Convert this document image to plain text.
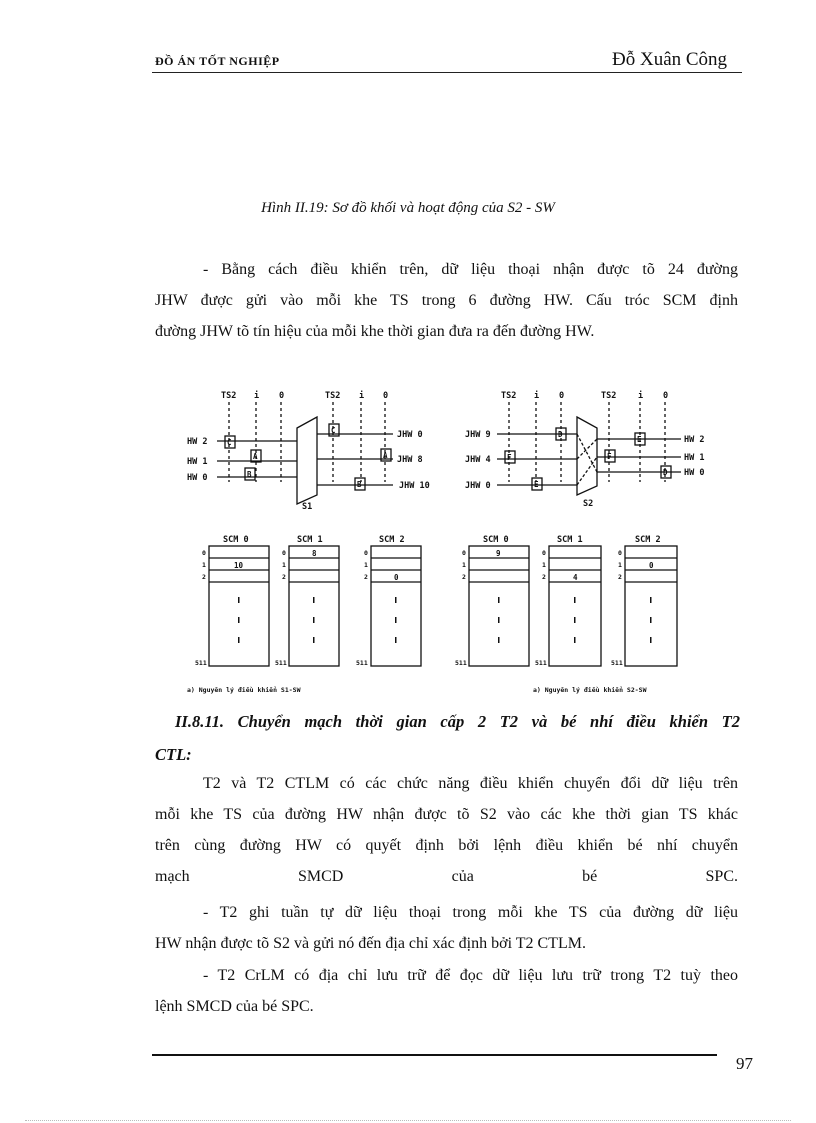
ĐỒ ÁN TỐT NGHIỆP	Đỗ Xuân Công
Hình II.19: Sơ đồ khối và hoạt động của S2 - SW
- Bằng cách điều khiển trên, dữ liệu thoại nhận được tõ 24 đường
JHW được gửi vào mỗi khe TS trong 6 đường HW. Cấu tróc SCM định
đường JHW tõ tín hiệu của mỗi khe thời gian đưa ra đến đường HW.
TS2 i 0	TS2 i 0
HW 2
HW 1
HW 0
JHW 0
JHW 8
JHW 10
C
A
B
C
A
B
S1
TS2 i 0	TS2	i 0
JHW 9
JHW 4
JHW 0
HW 2
HW 1
HW 0
D
F
E
E
F
D
S2
SCM 0	SCM 1	SCM 2	SCM 0	SCM 1	SCM 2
10
8
0
9
4
0
0
1
2
511
0
1
2
511
0
1
2
511
0
1
2
511
0
1
2
511
0
1
2
511
a) Nguyên lý điều khiển S1-SW	a) Nguyên lý điều khiển S2-SW
II.8.11. Chuyển mạch thời gian cấp 2 T2 và bé nhí điều khiển T2
CTL:
T2 và T2 CTLM có các chức năng điều khiển chuyển đổi dữ liệu trên
mỗi khe TS của đường HW nhận được tõ S2 vào các khe thời gian TS khác
trên cùng đường HW có quyết định bởi lệnh điều khiển bé nhí chuyển
mạch SMCD của bé SPC.
- T2 ghi tuần tự dữ liệu thoại trong mỗi khe TS của đường dữ liệu
HW nhận được tõ S2 và gửi nó đến địa chỉ xác định bởi T2 CTLM.
- T2 CrLM có địa chỉ lưu trữ để đọc dữ liệu lưu trữ trong T2 tuỳ theo
lệnh SMCD của bé SPC.
97
